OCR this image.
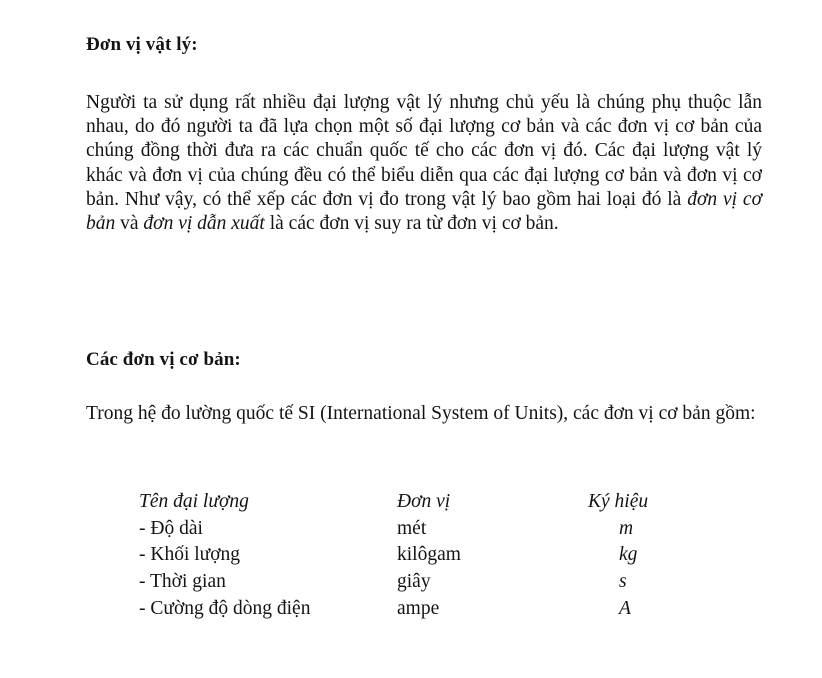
Đơn vị vật lý:
Người ta sử dụng rất nhiều đại lượng vật lý nhưng chủ yếu là chúng phụ thuộc lẫn nhau, do đó người ta đã lựa chọn một số đại lượng cơ bản và các đơn vị cơ bản của chúng đồng thời đưa ra các chuẩn quốc tế cho các đơn vị đó. Các đại lượng vật lý khác và đơn vị của chúng đều có thể biểu diễn qua các đại lượng cơ bản và đơn vị cơ bản. Như vậy, có thể xếp các đơn vị đo trong vật lý bao gồm hai loại đó là đơn vị cơ bản và đơn vị dẫn xuất là các đơn vị suy ra từ đơn vị cơ bản.
Các đơn vị cơ bản:
Trong hệ đo lường quốc tế SI (International System of Units), các đơn vị cơ bản gồm:
Tên đại lượng	Đơn vị	Ký hiệu
- Độ dài	mét	m
- Khối lượng	kilôgam	kg
- Thời gian	giây	s
- Cường độ dòng điện	ampe	A
